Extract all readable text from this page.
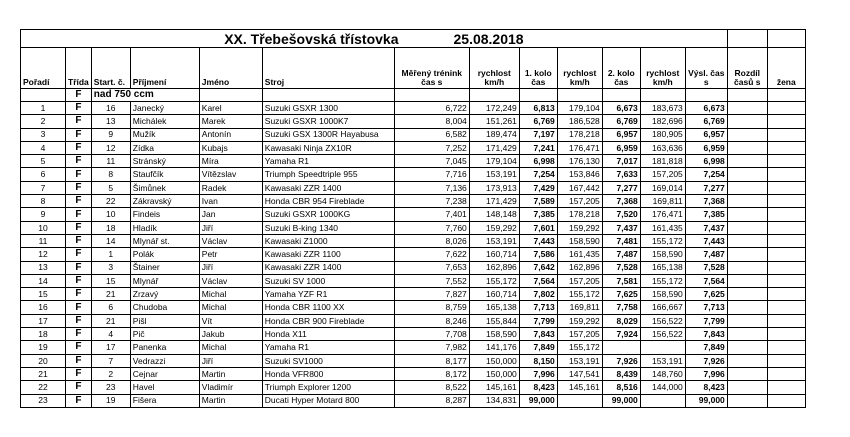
XX. Třebešovská třístovka 25.08.2018														

Pořadí	Třída	Start. č.	Příjmení	Jméno	Stroj	Měřený trénink čas s	rychlost km/h	1. kolo čas	rychlost km/h	2. kolo čas	rychlost km/h	Výsl. čas s	Rozdíl časů s	žena
	F	nad 750 ccm												
1	F	16	Janecký	Karel	Suzuki GSXR 1300	6,722	172,249	6,813	179,104	6,673	183,673	6,673		
2	F	13	Michálek	Marek	Suzuki GSXR 1000K7	8,004	151,261	6,769	186,528	6,769	182,696	6,769		
3	F	9	Mužík	Antonín	Suzuki GSX 1300R Hayabusa	6,582	189,474	7,197	178,218	6,957	180,905	6,957		
4	F	12	Zídka	Kubajs	Kawasaki Ninja ZX10R	7,252	171,429	7,241	176,471	6,959	163,636	6,959		
5	F	11	Stránský	Míra	Yamaha R1	7,045	179,104	6,998	176,130	7,017	181,818	6,998		
6	F	8	Staufčík	Vítězslav	Triumph Speedtriple 955	7,716	153,191	7,254	153,846	7,633	157,205	7,254		
7	F	5	Šimůnek	Radek	Kawasaki ZZR 1400	7,136	173,913	7,429	167,442	7,277	169,014	7,277		
8	F	22	Zákravský	Ivan	Honda CBR 954 Fireblade	7,238	171,429	7,589	157,205	7,368	169,811	7,368		
9	F	10	Findeis	Jan	Suzuki GSXR 1000KG	7,401	148,148	7,385	178,218	7,520	176,471	7,385		
10	F	18	Hladík	Jiří	Suzuki B-king 1340	7,760	159,292	7,601	159,292	7,437	161,435	7,437		
11	F	14	Mlynář st.	Václav	Kawasaki Z1000	8,026	153,191	7,443	158,590	7,481	155,172	7,443		
12	F	1	Polák	Petr	Kawasaki ZZR 1100	7,622	160,714	7,586	161,435	7,487	158,590	7,487		
13	F	3	Štainer	Jiří	Kawasaki ZZR 1400	7,653	162,896	7,642	162,896	7,528	165,138	7,528		
14	F	15	Mlynář	Václav	Suzuki SV 1000	7,552	155,172	7,564	157,205	7,581	155,172	7,564		
15	F	21	Zrzavý	Michal	Yamaha YZF R1	7,827	160,714	7,802	155,172	7,625	158,590	7,625		
16	F	6	Chudoba	Michal	Honda CBR 1100 XX	8,759	165,138	7,713	169,811	7,758	166,667	7,713		
17	F	21	Pišl	Vít	Honda CBR 900 Fireblade	8,246	155,844	7,799	159,292	8,029	156,522	7,799		
18	F	4	Pič	Jakub	Honda X11	7,708	158,590	7,843	157,205	7,924	156,522	7,843		
19	F	17	Panenka	Michal	Yamaha R1	7,982	141,176	7,849	155,172			7,849		
20	F	7	Vedrazzi	Jiří	Suzuki SV1000	8,177	150,000	8,150	153,191	7,926	153,191	7,926		
21	F	2	Cejnar	Martin	Honda VFR800	8,172	150,000	7,996	147,541	8,439	148,760	7,996		
22	F	23	Havel	Vladimír	Triumph Explorer 1200	8,522	145,161	8,423	145,161	8,516	144,000	8,423		
23	F	19	Fišera	Martin	Ducati Hyper Motard 800	8,287	134,831	99,000		99,000		99,000		
